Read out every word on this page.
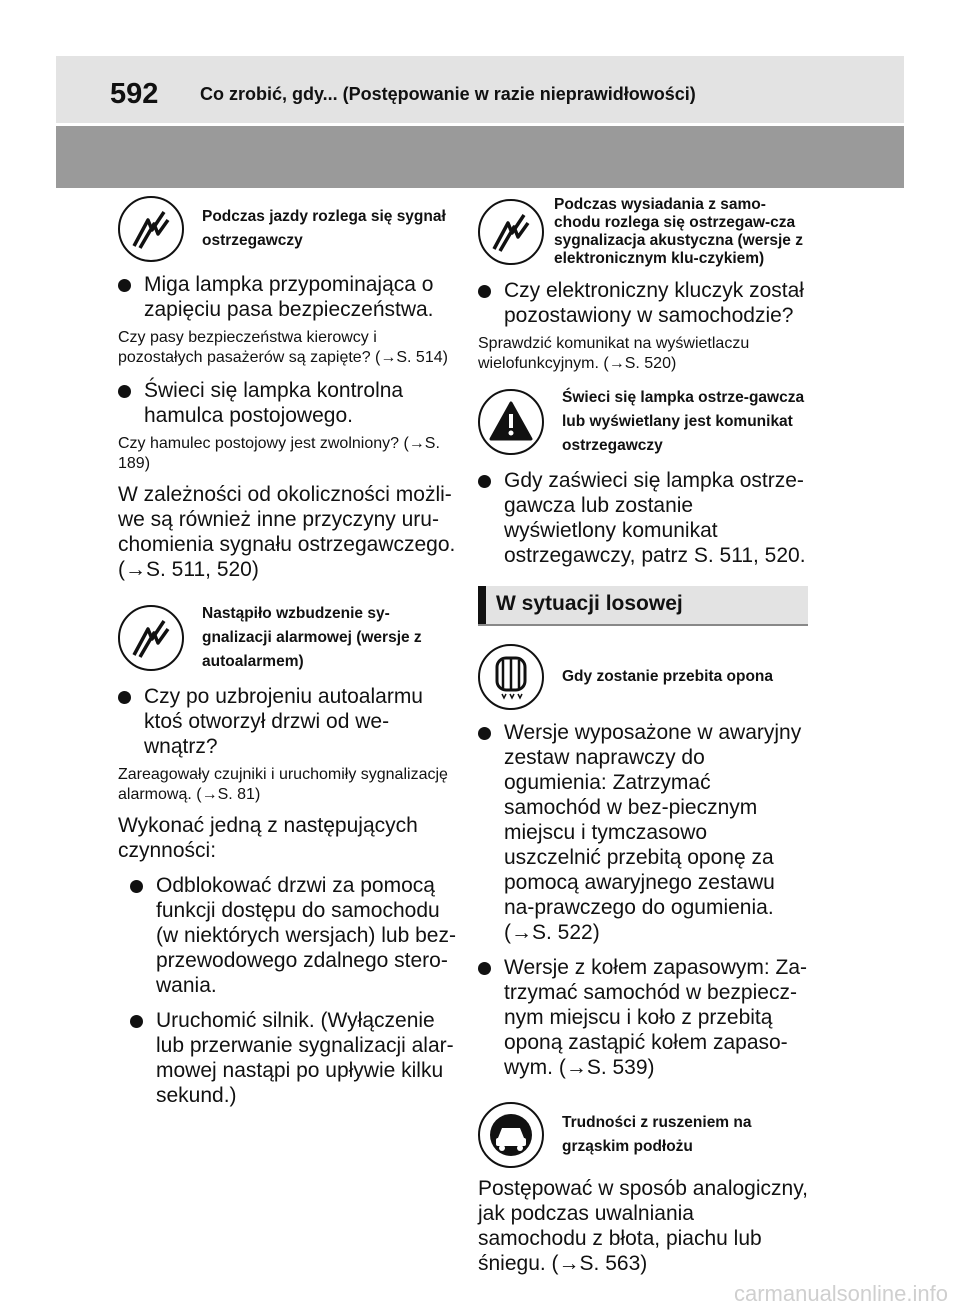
592 Co zrobić, gdy... (Postępowanie w razie nieprawidłowości)
Podczas jazdy rozlega się sygnał ostrzegawczy
Miga lampka przypominająca o zapięciu pasa bezpieczeństwa.
Czy pasy bezpieczeństwa kierowcy i pozostałych pasażerów są zapięte? (→S. 514)
Świeci się lampka kontrolna hamulca postojowego.
Czy hamulec postojowy jest zwolniony? (→S. 189)
W zależności od okoliczności możli-we są również inne przyczyny uru-chomienia sygnału ostrzegawczego. (→S. 511, 520)
Nastąpiło wzbudzenie sy-gnalizacji alarmowej (wersje z autoalarmem)
Czy po uzbrojeniu autoalarmu ktoś otworzył drzwi od we-wnątrz?
Zareagowały czujniki i uruchomiły sygnalizację alarmową. (→S. 81)
Wykonać jedną z następujących czynności:
Odblokować drzwi za pomocą funkcji dostępu do samochodu (w niektórych wersjach) lub bez-przewodowego zdalnego stero-wania.
Uruchomić silnik. (Wyłączenie lub przerwanie sygnalizacji alar-mowej nastąpi po upływie kilku sekund.)
Podczas wysiadania z samo-chodu rozlega się ostrzegaw-cza sygnalizacja akustyczna (wersje z elektronicznym klu-czykiem)
Czy elektroniczny kluczyk został pozostawiony w samochodzie?
Sprawdzić komunikat na wyświetlaczu wielofunkcyjnym. (→S. 520)
Świeci się lampka ostrze-gawcza lub wyświetlany jest komunikat ostrzegawczy
Gdy zaświeci się lampka ostrze-gawcza lub zostanie wyświetlony komunikat ostrzegawczy, patrz S. 511, 520.
W sytuacji losowej
Gdy zostanie przebita opona
Wersje wyposażone w awaryjny zestaw naprawczy do ogumienia: Zatrzymać samochód w bez-piecznym miejscu i tymczasowo uszczelnić przebitą oponę za pomocą awaryjnego zestawu na-prawczego do ogumienia. (→S. 522)
Wersje z kołem zapasowym: Za-trzymać samochód w bezpiecz-nym miejscu i koło z przebitą oponą zastąpić kołem zapaso-wym. (→S. 539)
Trudności z ruszeniem na grząskim podłożu
Postępować w sposób analogiczny, jak podczas uwalniania samochodu z błota, piachu lub śniegu. (→S. 563)
carmanualsonline.info
